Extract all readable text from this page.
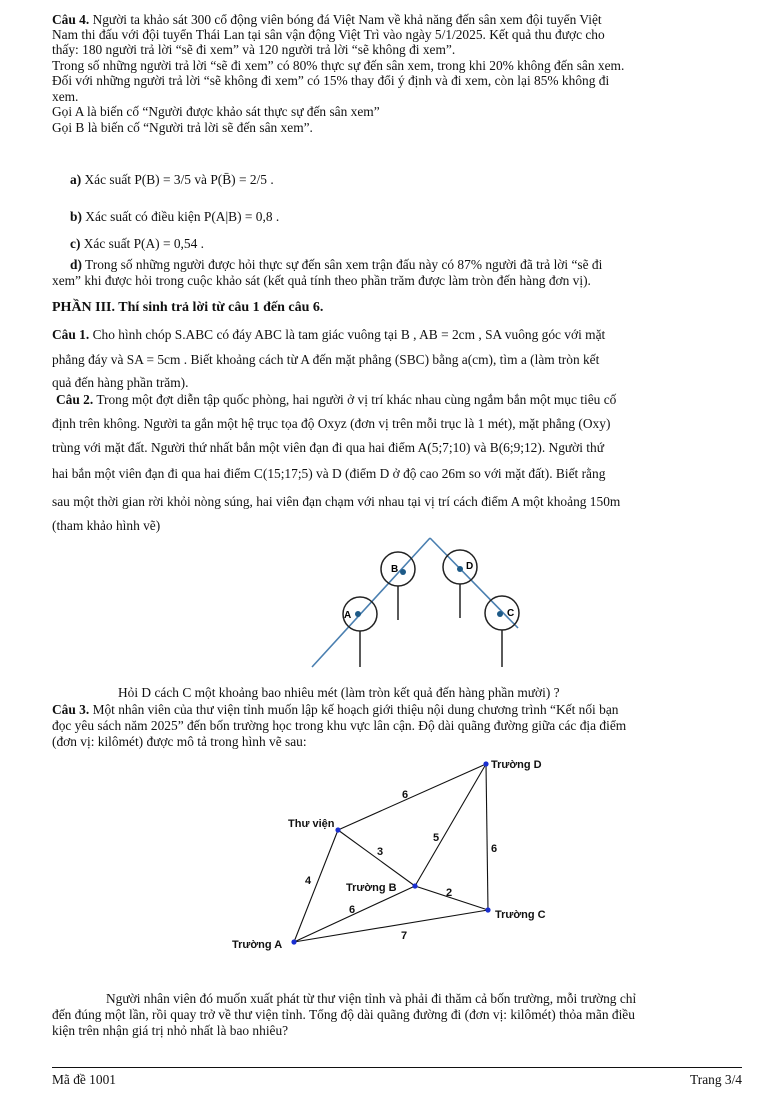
Câu 4. Người ta khảo sát 300 cổ động viên bóng đá Việt Nam về khả năng đến sân xem đội tuyển Việt
Nam thi đấu với đội tuyển Thái Lan tại sân vận động Việt Trì vào ngày 5/1/2025. Kết quả thu được cho
thấy: 180 người trả lời “sẽ đi xem” và 120 người trả lời “sẽ không đi xem”.
Trong số những người trả lời “sẽ đi xem” có 80% thực sự đến sân xem, trong khi 20% không đến sân xem.
Đối với những người trả lời “sẽ không đi xem” có 15% thay đổi ý định và đi xem, còn lại 85% không đi
xem.
Gọi A là biến cố “Người được khảo sát thực sự đến sân xem”
Gọi B là biến cố “Người trả lời sẽ đến sân xem”.
a) Xác suất P(B) = 3/5 và P(B̄) = 2/5 .
b) Xác suất có điều kiện P(A|B) = 0,8 .
c) Xác suất P(A) = 0,54 .
d) Trong số những người được hỏi thực sự đến sân xem trận đấu này có 87% người đã trả lời “sẽ đi
xem” khi được hỏi trong cuộc khảo sát (kết quả tính theo phần trăm được làm tròn đến hàng đơn vị).
PHẦN III. Thí sinh trả lời từ câu 1 đến câu 6.
Câu 1. Cho hình chóp S.ABC có đáy ABC là tam giác vuông tại B , AB = 2cm , SA vuông góc với mặt
phẳng đáy và SA = 5cm . Biết khoảng cách từ A đến mặt phẳng (SBC) bằng a(cm), tìm a (làm tròn kết
quả đến hàng phần trăm).
Câu 2. Trong một đợt diễn tập quốc phòng, hai người ở vị trí khác nhau cùng ngắm bắn một mục tiêu cố
định trên không. Người ta gắn một hệ trục tọa độ Oxyz (đơn vị trên mỗi trục là 1 mét), mặt phẳng (Oxy)
trùng với mặt đất. Người thứ nhất bắn một viên đạn đi qua hai điểm A(5;7;10) và B(6;9;12). Người thứ
hai bắn một viên đạn đi qua hai điểm C(15;17;5) và D (điểm D ở độ cao 26m so với mặt đất). Biết rằng
sau một thời gian rời khỏi nòng súng, hai viên đạn chạm với nhau tại vị trí cách điểm A một khoảng 150m
(tham khảo hình vẽ)
A
B	D
C
Hỏi D cách C một khoảng bao nhiêu mét (làm tròn kết quả đến hàng phần mười) ?
Câu 3. Một nhân viên của thư viện tỉnh muốn lập kế hoạch giới thiệu nội dung chương trình “Kết nối bạn
đọc yêu sách năm 2025” đến bốn trường học trong khu vực lân cận. Độ dài quãng đường giữa các địa điểm
(đơn vị: kilômét) được mô tả trong hình vẽ sau:
Trường D
Thư viện
Trường B
Trường C
Trường A
6
3
5
6
2
4
6
7
Người nhân viên đó muốn xuất phát từ thư viện tỉnh và phải đi thăm cả bốn trường, mỗi trường chỉ
đến đúng một lần, rồi quay trở về thư viện tỉnh. Tổng độ dài quãng đường đi (đơn vị: kilômét) thỏa mãn điều
kiện trên nhận giá trị nhỏ nhất là bao nhiêu?
Mã đề 1001	Trang 3/4
